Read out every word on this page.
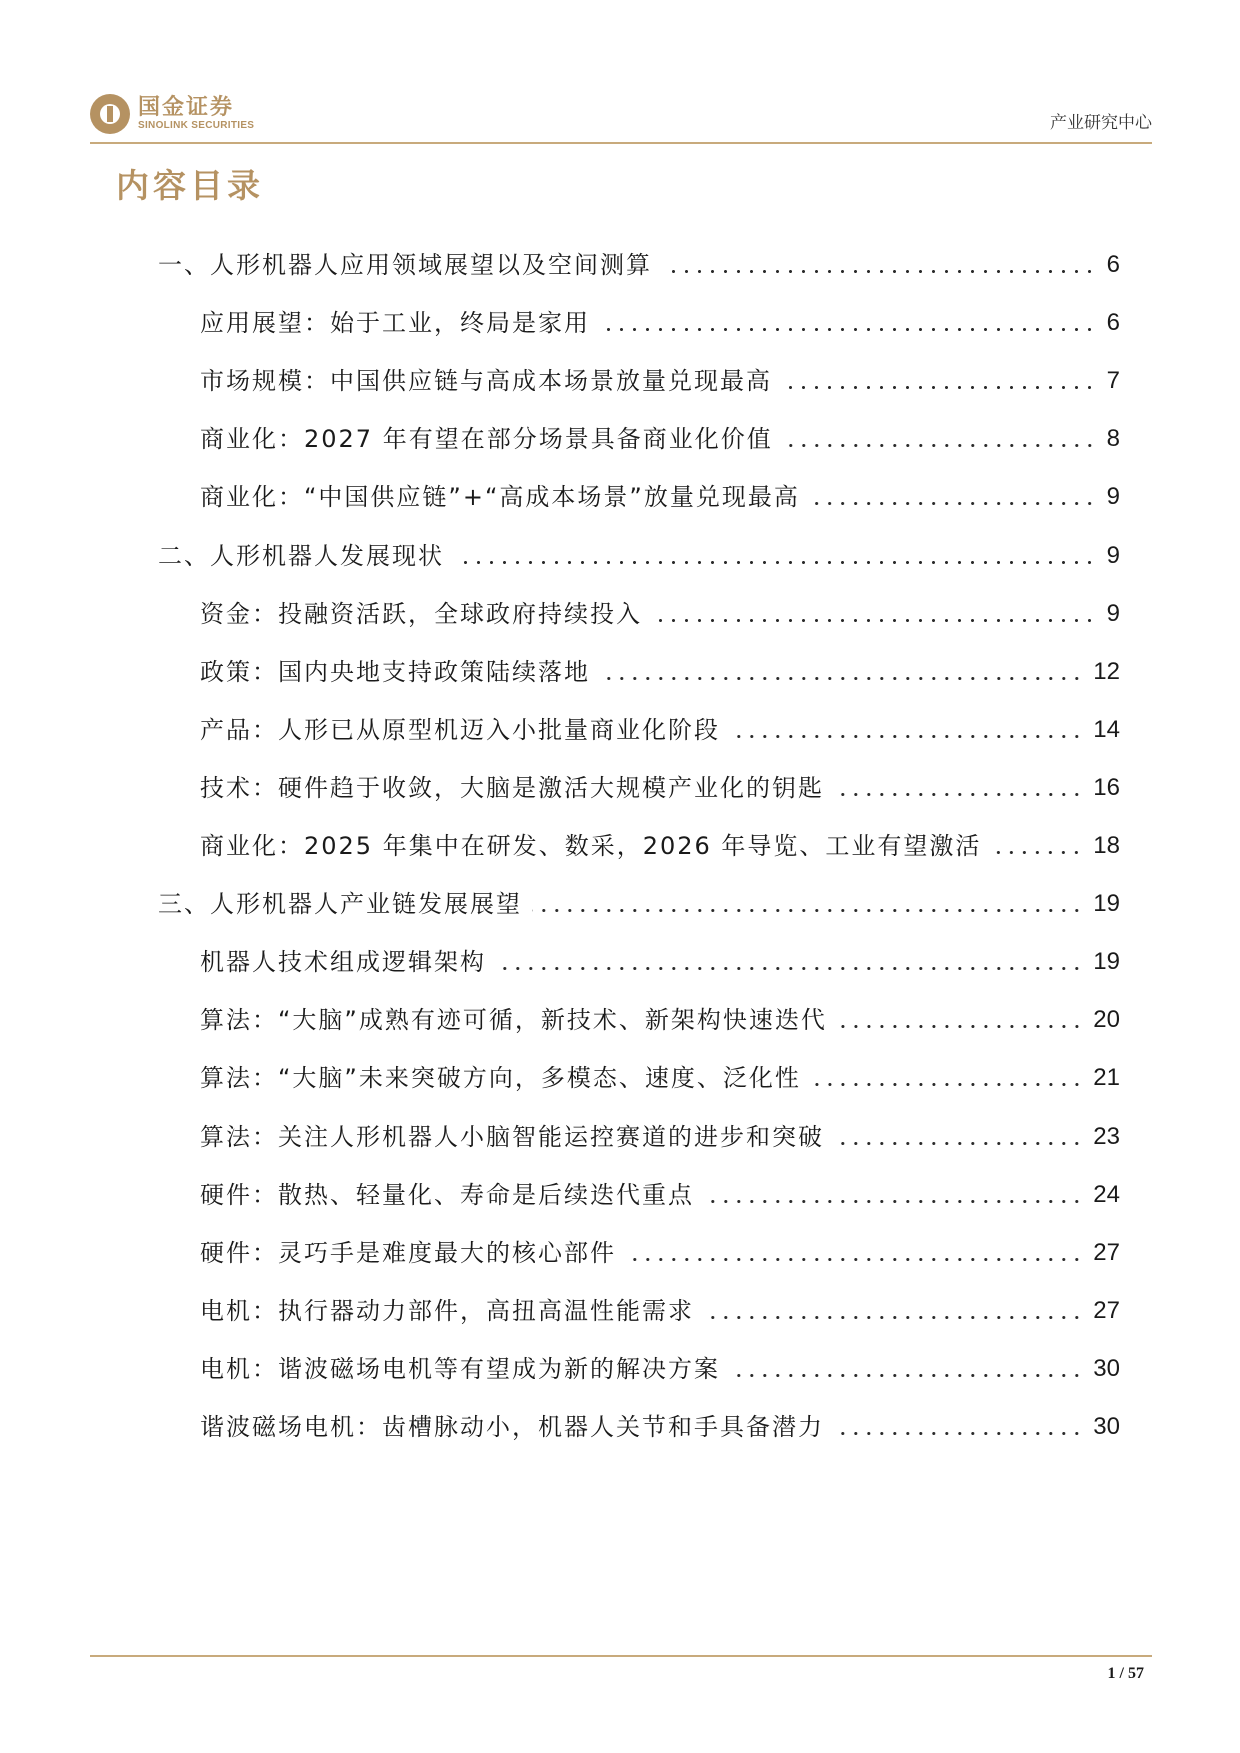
国金证券
SINOLINK SECURITIES	产业研究中心
内容目录
一、人形机器人应用领域展望以及空间测算	6
应用展望：始于工业，终局是家用	6
市场规模：中国供应链与高成本场景放量兑现最高	7
商业化：2027 年有望在部分场景具备商业化价值	8
商业化：“中国供应链”+“高成本场景”放量兑现最高	9
二、人形机器人发展现状	9
资金：投融资活跃，全球政府持续投入	9
政策：国内央地支持政策陆续落地	12
产品：人形已从原型机迈入小批量商业化阶段	14
技术：硬件趋于收敛，大脑是激活大规模产业化的钥匙	16
商业化：2025 年集中在研发、数采，2026 年导览、工业有望激活	18
三、人形机器人产业链发展展望	19
机器人技术组成逻辑架构	19
算法：“大脑”成熟有迹可循，新技术、新架构快速迭代	20
算法：“大脑”未来突破方向，多模态、速度、泛化性	21
算法：关注人形机器人小脑智能运控赛道的进步和突破	23
硬件：散热、轻量化、寿命是后续迭代重点	24
硬件：灵巧手是难度最大的核心部件	27
电机：执行器动力部件，高扭高温性能需求	27
电机：谐波磁场电机等有望成为新的解决方案	30
谐波磁场电机：齿槽脉动小，机器人关节和手具备潜力	30
1 / 57
